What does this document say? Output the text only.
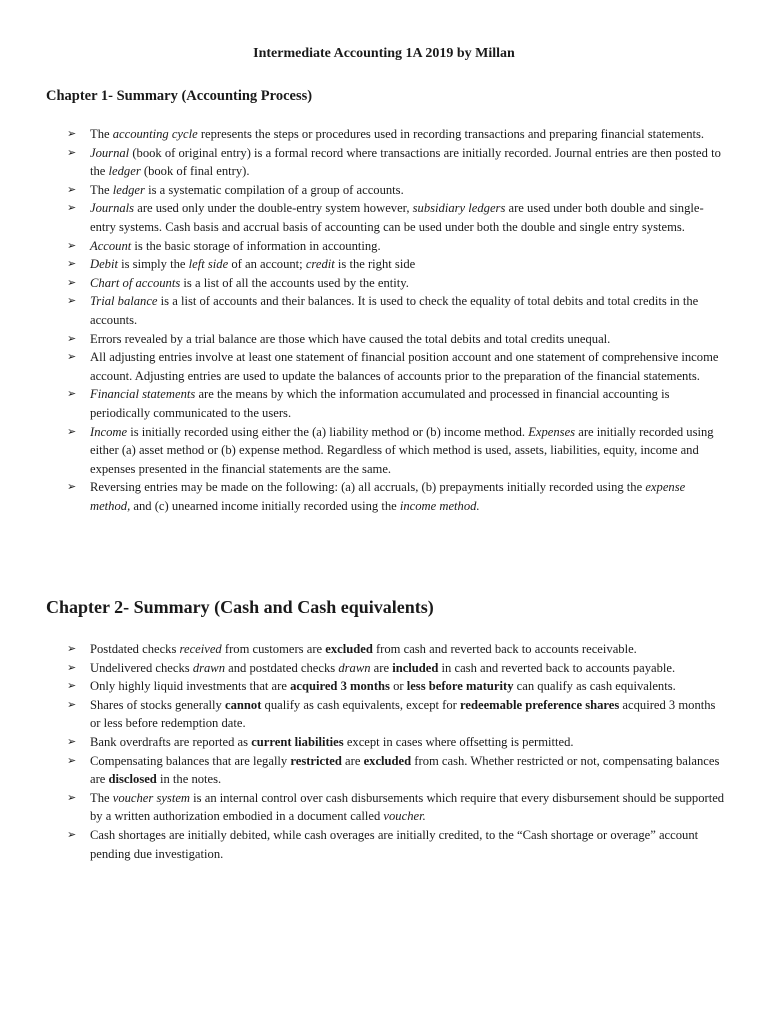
Intermediate Accounting 1A 2019 by Millan
Chapter 1- Summary (Accounting Process)
➢ The accounting cycle represents the steps or procedures used in recording transactions and preparing financial statements.
➢ Journal (book of original entry) is a formal record where transactions are initially recorded. Journal entries are then posted to the ledger (book of final entry).
➢ The ledger is a systematic compilation of a group of accounts.
➢ Journals are used only under the double-entry system however, subsidiary ledgers are used under both double and single-entry systems. Cash basis and accrual basis of accounting can be used under both the double and single entry systems.
➢ Account is the basic storage of information in accounting.
➢ Debit is simply the left side of an account; credit is the right side
➢ Chart of accounts is a list of all the accounts used by the entity.
➢ Trial balance is a list of accounts and their balances. It is used to check the equality of total debits and total credits in the accounts.
➢ Errors revealed by a trial balance are those which have caused the total debits and total credits unequal.
➢ All adjusting entries involve at least one statement of financial position account and one statement of comprehensive income account. Adjusting entries are used to update the balances of accounts prior to the preparation of the financial statements.
➢ Financial statements are the means by which the information accumulated and processed in financial accounting is periodically communicated to the users.
➢ Income is initially recorded using either the (a) liability method or (b) income method. Expenses are initially recorded using either (a) asset method or (b) expense method. Regardless of which method is used, assets, liabilities, equity, income and expenses presented in the financial statements are the same.
➢ Reversing entries may be made on the following: (a) all accruals, (b) prepayments initially recorded using the expense method, and (c) unearned income initially recorded using the income method.
Chapter 2- Summary (Cash and Cash equivalents)
➢ Postdated checks received from customers are excluded from cash and reverted back to accounts receivable.
➢ Undelivered checks drawn and postdated checks drawn are included in cash and reverted back to accounts payable.
➢ Only highly liquid investments that are acquired 3 months or less before maturity can qualify as cash equivalents.
➢ Shares of stocks generally cannot qualify as cash equivalents, except for redeemable preference shares acquired 3 months or less before redemption date.
➢ Bank overdrafts are reported as current liabilities except in cases where offsetting is permitted.
➢ Compensating balances that are legally restricted are excluded from cash. Whether restricted or not, compensating balances are disclosed in the notes.
➢ The voucher system is an internal control over cash disbursements which require that every disbursement should be supported by a written authorization embodied in a document called voucher.
➢ Cash shortages are initially debited, while cash overages are initially credited, to the “Cash shortage or overage” account pending due investigation.
